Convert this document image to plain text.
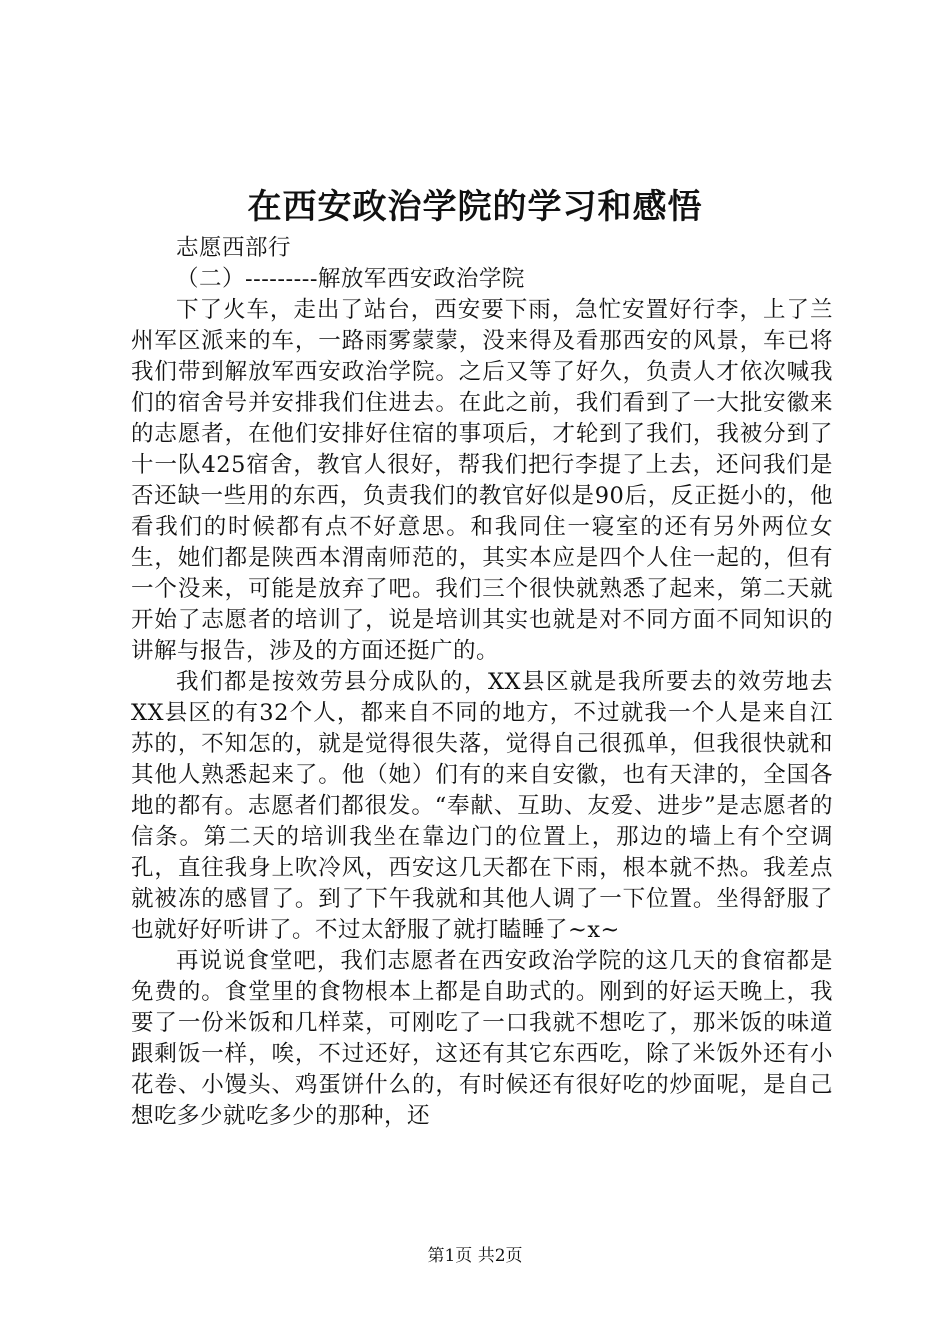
在西安政治学院的学习和感悟

志愿西部行

（二）---------解放军西安政治学院

下了火车，走出了站台，西安要下雨，急忙安置好行李，上了兰州军区派来的车，一路雨雾蒙蒙，没来得及看那西安的风景，车已将我们带到解放军西安政治学院。之后又等了好久，负责人才依次喊我们的宿舍号并安排我们住进去。在此之前，我们看到了一大批安徽来的志愿者，在他们安排好住宿的事项后，才轮到了我们，我被分到了十一队425宿舍，教官人很好，帮我们把行李提了上去，还问我们是否还缺一些用的东西，负责我们的教官好似是90后，反正挺小的，他看我们的时候都有点不好意思。和我同住一寝室的还有另外两位女生，她们都是陕西本渭南师范的，其实本应是四个人住一起的，但有一个没来，可能是放弃了吧。我们三个很快就熟悉了起来，第二天就开始了志愿者的培训了，说是培训其实也就是对不同方面不同知识的讲解与报告，涉及的方面还挺广的。

我们都是按效劳县分成队的，XX县区就是我所要去的效劳地去XX县区的有32个人，都来自不同的地方，不过就我一个人是来自江苏的，不知怎的，就是觉得很失落，觉得自己很孤单，但我很快就和其他人熟悉起来了。他（她）们有的来自安徽，也有天津的，全国各地的都有。志愿者们都很发。“奉献、互助、友爱、进步”是志愿者的信条。第二天的培训我坐在靠边门的位置上，那边的墙上有个空调孔，直往我身上吹冷风，西安这几天都在下雨，根本就不热。我差点就被冻的感冒了。到了下午我就和其他人调了一下位置。坐得舒服了也就好好听讲了。不过太舒服了就打瞌睡了~x~

再说说食堂吧，我们志愿者在西安政治学院的这几天的食宿都是免费的。食堂里的食物根本上都是自助式的。刚到的好运天晚上，我要了一份米饭和几样菜，可刚吃了一口我就不想吃了，那米饭的味道跟剩饭一样，唉，不过还好，这还有其它东西吃，除了米饭外还有小花卷、小馒头、鸡蛋饼什么的，有时候还有很好吃的炒面呢，是自己想吃多少就吃多少的那种，还

第1页 共2页
